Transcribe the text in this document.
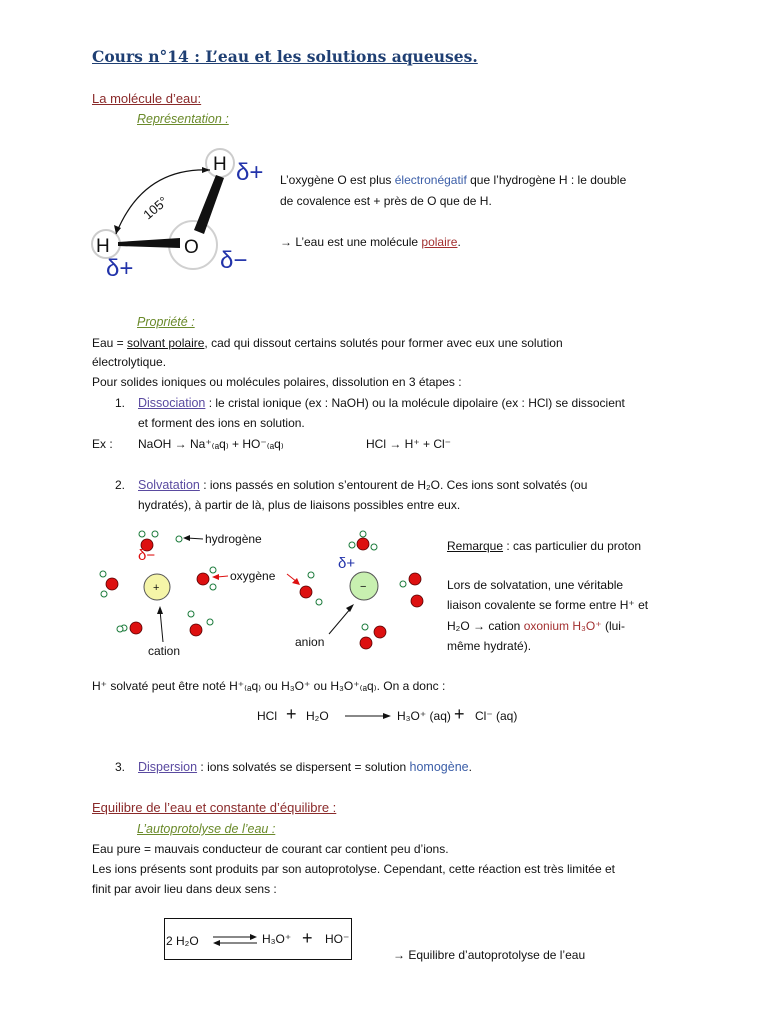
Cours n°14 : L’eau et les solutions aqueuses.
La molécule d’eau:
Représentation :
105°
H
H	O
δ+
δ+	δ−
L’oxygène O est plus électronégatif que l’hydrogène H : le double
de covalence est + près de O que de H.
→ L’eau est une molécule polaire.
Propriété :
Eau = solvant polaire, cad qui dissout certains solutés pour former avec eux une solution
électrolytique.
Pour solides ioniques ou molécules polaires, dissolution en 3 étapes :
1. Dissociation : le cristal ionique (ex : NaOH) ou la molécule dipolaire (ex : HCl) se dissocient
et forment des ions en solution.
Ex : NaOH → Na⁺₍ₐq₎ + HO⁻₍ₐq₎	HCl → H⁺ + Cl⁻
2. Solvatation : ions passés en solution s’entourent de H₂O. Ces ions sont solvatés (ou
hydratés), à partir de là, plus de liaisons possibles entre eux.
+	−
hydrogène
oxygène
cation
anion
δ−	δ+
Remarque : cas particulier du proton
Lors de solvatation, une véritable
liaison covalente se forme entre H⁺ et
H₂O → cation oxonium H₃O⁺ (lui-
même hydraté).
H⁺ solvaté peut être noté H⁺₍ₐq₎ ou H₃O⁺ ou H₃O⁺₍ₐq₎. On a donc :
HCl + H₂O	H₃O⁺ (aq) + Cl⁻ (aq)
3. Dispersion : ions solvatés se dispersent = solution homogène.
Equilibre de l’eau et constante d’équilibre :
L’autoprotolyse de l’eau :
Eau pure = mauvais conducteur de courant car contient peu d’ions.
Les ions présents sont produits par son autoprotolyse. Cependant, cette réaction est très limitée et
finit par avoir lieu dans deux sens :
2 H₂O ⇌ H₃O⁺ + HO⁻
→ Equilibre d’autoprotolyse de l’eau
